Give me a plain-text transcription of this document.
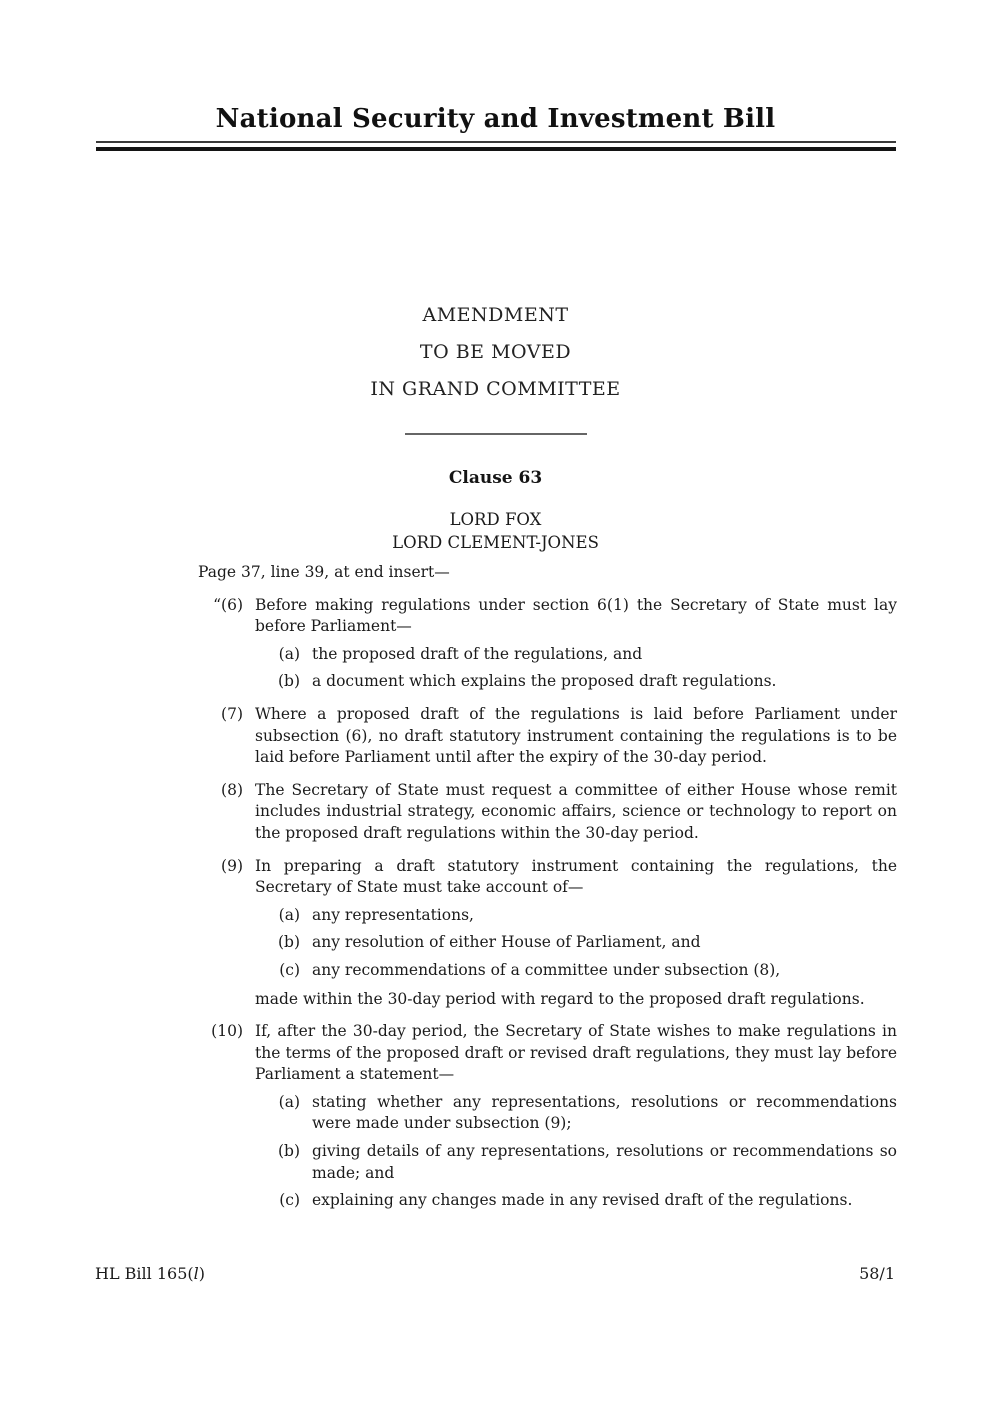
National Security and Investment Bill
AMENDMENT
TO BE MOVED
IN GRAND COMMITTEE
Clause 63
LORD FOX
LORD CLEMENT-JONES
Page 37, line 39, at end insert—
“(6) Before making regulations under section 6(1) the Secretary of State must lay before Parliament—
(a) the proposed draft of the regulations, and
(b) a document which explains the proposed draft regulations.
(7) Where a proposed draft of the regulations is laid before Parliament under subsection (6), no draft statutory instrument containing the regulations is to be laid before Parliament until after the expiry of the 30-day period.
(8) The Secretary of State must request a committee of either House whose remit includes industrial strategy, economic affairs, science or technology to report on the proposed draft regulations within the 30-day period.
(9) In preparing a draft statutory instrument containing the regulations, the Secretary of State must take account of—
(a) any representations,
(b) any resolution of either House of Parliament, and
(c) any recommendations of a committee under subsection (8),
made within the 30-day period with regard to the proposed draft regulations.
(10) If, after the 30-day period, the Secretary of State wishes to make regulations in the terms of the proposed draft or revised draft regulations, they must lay before Parliament a statement—
(a) stating whether any representations, resolutions or recommendations were made under subsection (9);
(b) giving details of any representations, resolutions or recommendations so made; and
(c) explaining any changes made in any revised draft of the regulations.
HL Bill 165(l)	58/1
